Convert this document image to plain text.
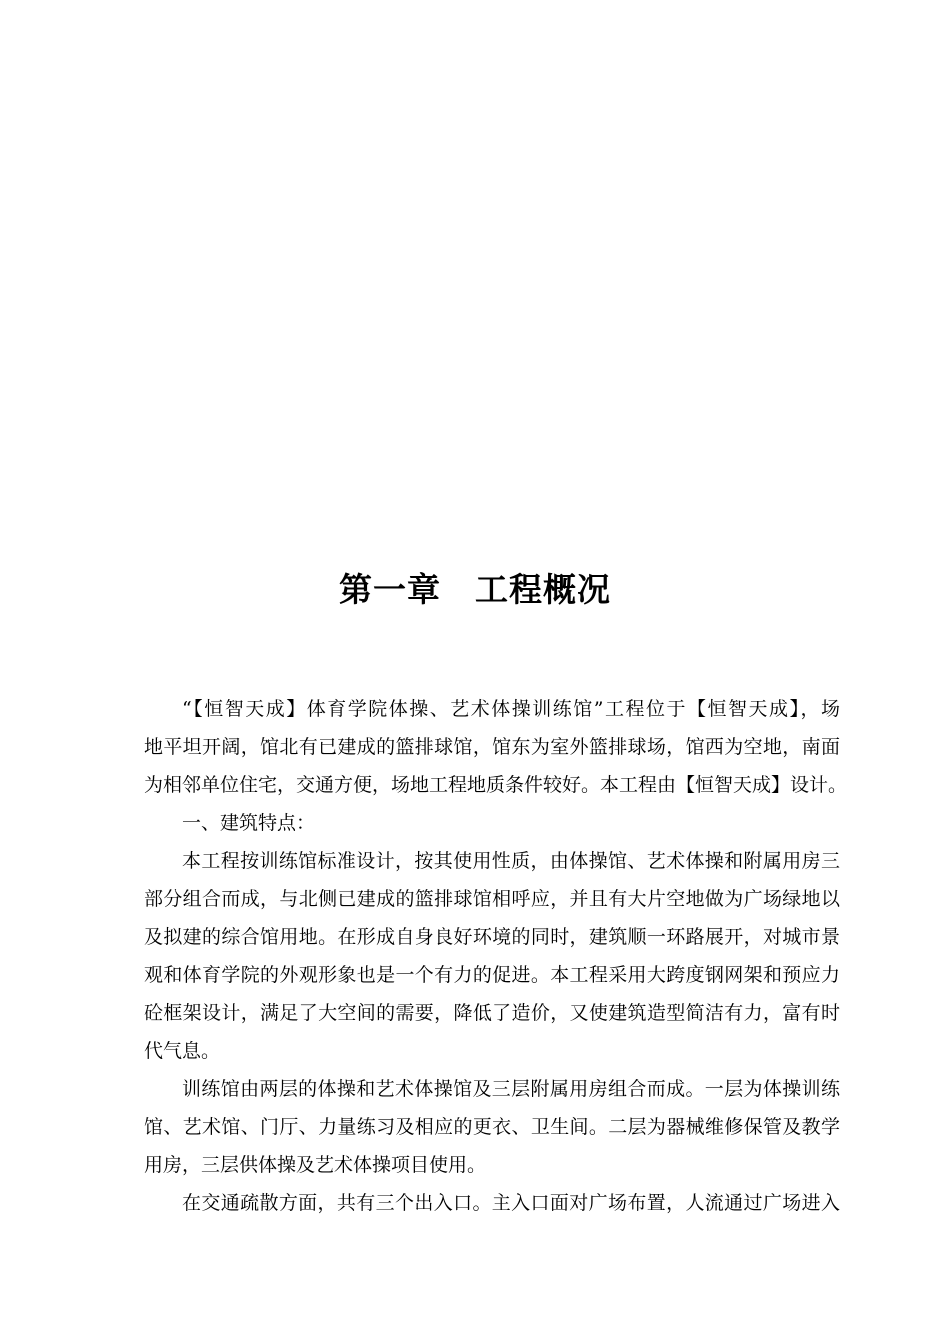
第一章　工程概况
“【恒智天成】体育学院体操、艺术体操训练馆”工程位于【恒智天成】，场
地平坦开阔，馆北有已建成的篮排球馆，馆东为室外篮排球场，馆西为空地，南面
为相邻单位住宅，交通方便，场地工程地质条件较好。本工程由【恒智天成】设计。
一、建筑特点：
本工程按训练馆标准设计，按其使用性质，由体操馆、艺术体操和附属用房三
部分组合而成，与北侧已建成的篮排球馆相呼应，并且有大片空地做为广场绿地以
及拟建的综合馆用地。在形成自身良好环境的同时，建筑顺一环路展开，对城市景
观和体育学院的外观形象也是一个有力的促进。本工程采用大跨度钢网架和预应力
砼框架设计，满足了大空间的需要，降低了造价，又使建筑造型简洁有力，富有时
代气息。
训练馆由两层的体操和艺术体操馆及三层附属用房组合而成。一层为体操训练
馆、艺术馆、门厅、力量练习及相应的更衣、卫生间。二层为器械维修保管及教学
用房，三层供体操及艺术体操项目使用。
在交通疏散方面，共有三个出入口。主入口面对广场布置，人流通过广场进入
